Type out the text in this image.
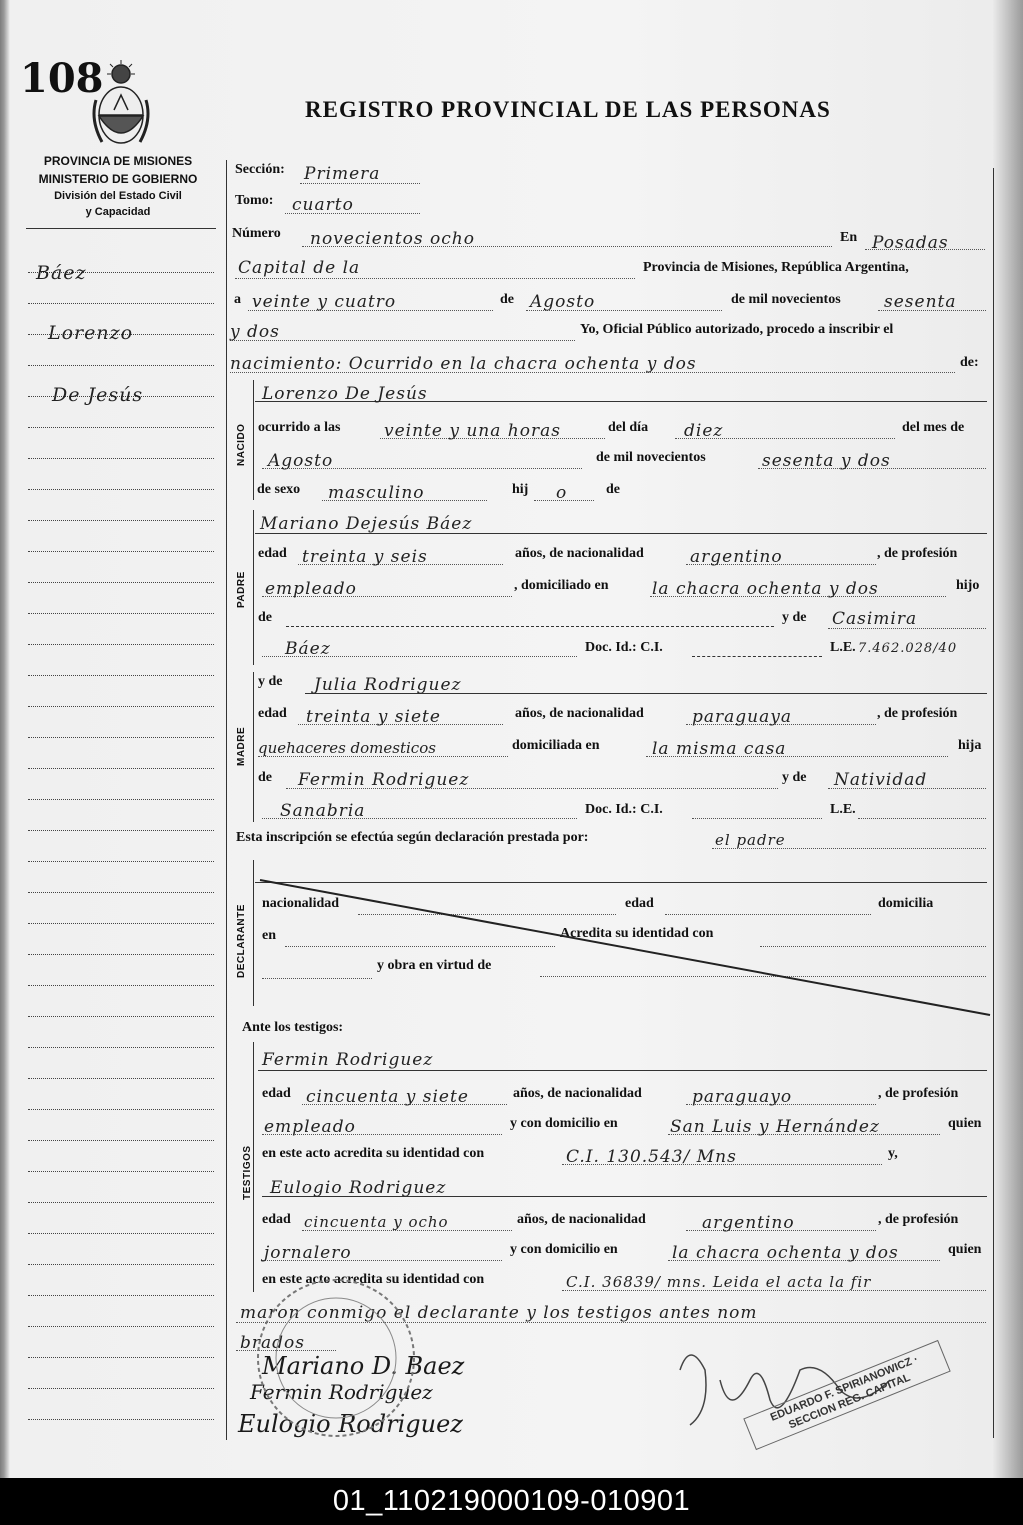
108
REGISTRO PROVINCIAL DE LAS PERSONAS
PROVINCIA DE MISIONES
MINISTERIO DE GOBIERNO
División del Estado Civil
y Capacidad
Báez
Lorenzo
De Jesús
Sección: Primera
Tomo: cuarto
Número novecientos ocho	En Posadas
Capital de la	Provincia de Misiones, República Argentina,
a veinte y cuatro	de Agosto	de mil novecientos	sesenta
y dos	Yo, Oficial Público autorizado, procedo a inscribir el
nacimiento: Ocurrido en la chacra ochenta y dos	de:
NACIDO
Lorenzo De Jesús
ocurrido a las	veinte y una horas	del día diez	del mes de
Agosto	de mil novecientos	sesenta y dos
de sexo masculino	hij o	de
PADRE
Mariano Dejesús Báez
edad treinta y seis	años, de nacionalidad	argentino	, de profesión
empleado	, domiciliado en	la chacra ochenta y dos	hijo
de	y de Casimira
Báez	Doc. Id.: C.I.	L.E. 7.462.028/40
MADRE
y de Julia Rodriguez
edad treinta y siete	años, de nacionalidad	paraguaya	, de profesión
quehaceres domesticos	domiciliada en	la misma casa	hija
de Fermin Rodriguez	y de Natividad
Sanabria	Doc. Id.: C.I.	L.E.
Esta inscripción se efectúa según declaración prestada por:	el padre
DECLARANTE
nacionalidad	edad	domicilia
en	Acredita su identidad con
y obra en virtud de
Ante los testigos:
TESTIGOS
Fermin Rodriguez
edad cincuenta y siete	años, de nacionalidad	paraguayo	, de profesión
empleado	y con domicilio en	San Luis y Hernández	quien
en este acto acredita su identidad con	C.I. 130.543/ Mns	y,
Eulogio Rodriguez
edad cincuenta y ocho	años, de nacionalidad	argentino	, de profesión
jornalero	y con domicilio en	la chacra ochenta y dos	quien
en este acto acredita su identidad con	C.I. 36839/ mns. Leida el acta la fir
maron conmigo el declarante y los testigos antes nom
brados
Mariano D. Baez
Fermin Rodriguez
Eulogio Rodriguez
EDUARDO F. SPIRIANOWICZ · SECCION REG. CAPITAL
01_110219000109-010901
